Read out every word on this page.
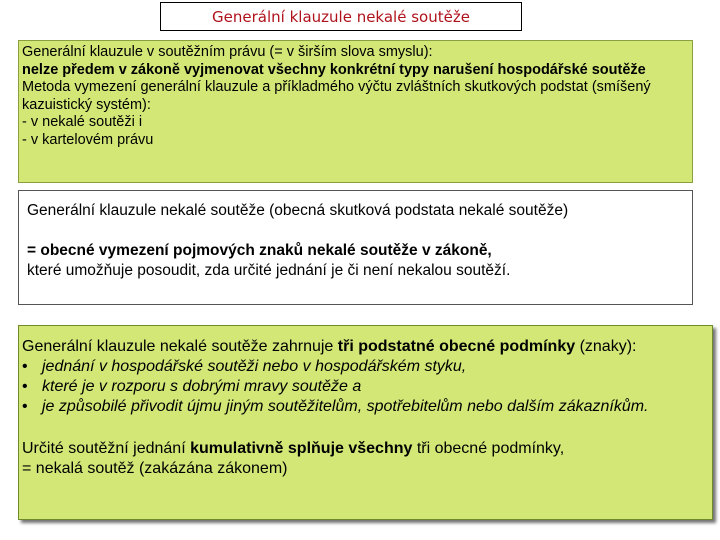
Generální klauzule nekalé soutěže
Generální klauzule v soutěžním právu (= v širším slova smyslu):
nelze předem v zákoně vyjmenovat všechny konkrétní typy narušení hospodářské soutěže
Metoda vymezení generální klauzule a příkladmého výčtu zvláštních skutkových podstat (smíšený kazuistický systém):
- v nekalé soutěži i
- v kartelovém právu

Generální klauzule nekalé soutěže (obecná skutková podstata nekalé soutěže)

= obecné vymezení pojmových znaků nekalé soutěže v zákoně,

které umožňuje posoudit, zda určité jednání je či není nekalou soutěží.

Generální klauzule nekalé soutěže zahrnuje tři podstatné obecné podmínky (znaky):

• jednání v hospodářské soutěži nebo v hospodářském styku,
• které je v rozporu s dobrými mravy soutěže a
• je způsobilé přivodit újmu jiným soutěžitelům, spotřebitelům nebo dalším zákazníkům.

Určité soutěžní jednání kumulativně splňuje všechny tři obecné podmínky,

= nekalá soutěž (zakázána zákonem)
